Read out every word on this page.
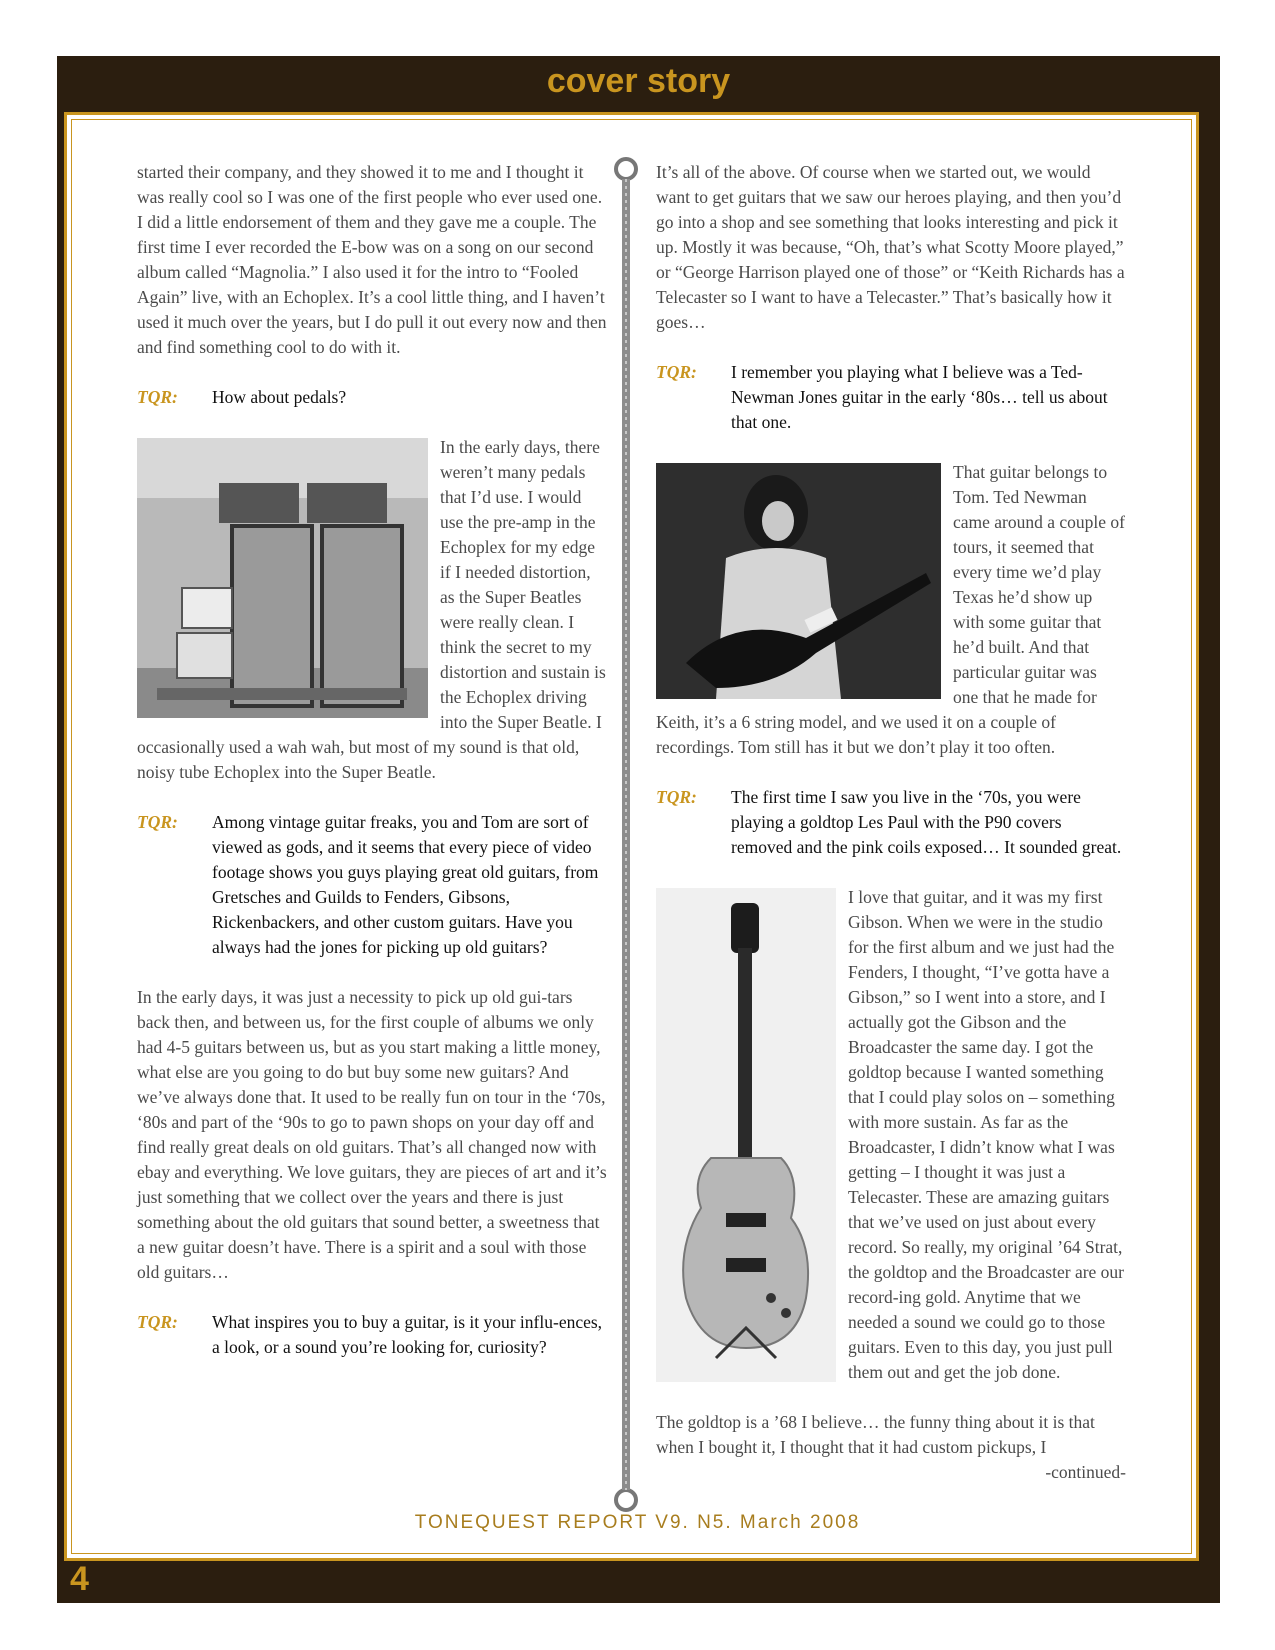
cover story
TONEQUEST REPORT V9. N5. March 2008
4

started their company, and they showed it to me and I thought it was really cool so I was one of the first people who ever used one. I did a little endorsement of them and they gave me a couple. The first time I ever recorded the E-bow was on a song on our second album called “Magnolia.” I also used it for the intro to “Fooled Again” live, with an Echoplex. It’s a cool little thing, and I haven’t used it much over the years, but I do pull it out every now and then and find something cool to do with it.

TQR:	How about pedals?

In the early days, there weren’t many pedals that I’d use. I would use the pre-amp in the Echoplex for my edge if I needed distortion, as the Super Beatles were really clean. I think the secret to my distortion and sustain is the Echoplex driving into the Super Beatle. I occasionally used a wah wah, but most of my sound is that old, noisy tube Echoplex into the Super Beatle.

TQR:	Among vintage guitar freaks, you and Tom are sort of viewed as gods, and it seems that every piece of video footage shows you guys playing great old guitars, from Gretsches and Guilds to Fenders, Gibsons, Rickenbackers, and other custom guitars. Have you always had the jones for picking up old guitars?

In the early days, it was just a necessity to pick up old gui-tars back then, and between us, for the first couple of albums we only had 4-5 guitars between us, but as you start making a little money, what else are you going to do but buy some new guitars? And we’ve always done that. It used to be really fun on tour in the ‘70s, ‘80s and part of the ‘90s to go to pawn shops on your day off and find really great deals on old guitars. That’s all changed now with ebay and everything. We love guitars, they are pieces of art and it’s just something that we collect over the years and there is just something about the old guitars that sound better, a sweetness that a new guitar doesn’t have. There is a spirit and a soul with those old guitars…

TQR:	What inspires you to buy a guitar, is it your influ-ences, a look, or a sound you’re looking for, curiosity?

It’s all of the above. Of course when we started out, we would want to get guitars that we saw our heroes playing, and then you’d go into a shop and see something that looks interesting and pick it up. Mostly it was because, “Oh, that’s what Scotty Moore played,” or “George Harrison played one of those” or “Keith Richards has a Telecaster so I want to have a Telecaster.” That’s basically how it goes…

TQR:	I remember you playing what I believe was a Ted-Newman Jones guitar in the early ‘80s… tell us about that one.

That guitar belongs to Tom. Ted Newman came around a couple of tours, it seemed that every time we’d play Texas he’d show up with some guitar that he’d built. And that particular guitar was one that he made for Keith, it’s a 6 string model, and we used it on a couple of recordings. Tom still has it but we don’t play it too often.

TQR:	The first time I saw you live in the ‘70s, you were playing a goldtop Les Paul with the P90 covers removed and the pink coils exposed… It sounded great.

I love that guitar, and it was my first Gibson. When we were in the studio for the first album and we just had the Fenders, I thought, “I’ve gotta have a Gibson,” so I went into a store, and I actually got the Gibson and the Broadcaster the same day. I got the goldtop because I wanted something that I could play solos on – something with more sustain. As far as the Broadcaster, I didn’t know what I was getting – I thought it was just a Telecaster. These are amazing guitars that we’ve used on just about every record. So really, my original ’64 Strat, the goldtop and the Broadcaster are our record-ing gold. Anytime that we needed a sound we could go to those guitars. Even to this day, you just pull them out and get the job done.

The goldtop is a ’68 I believe… the funny thing about it is that when I bought it, I thought that it had custom pickups, I

-continued-
